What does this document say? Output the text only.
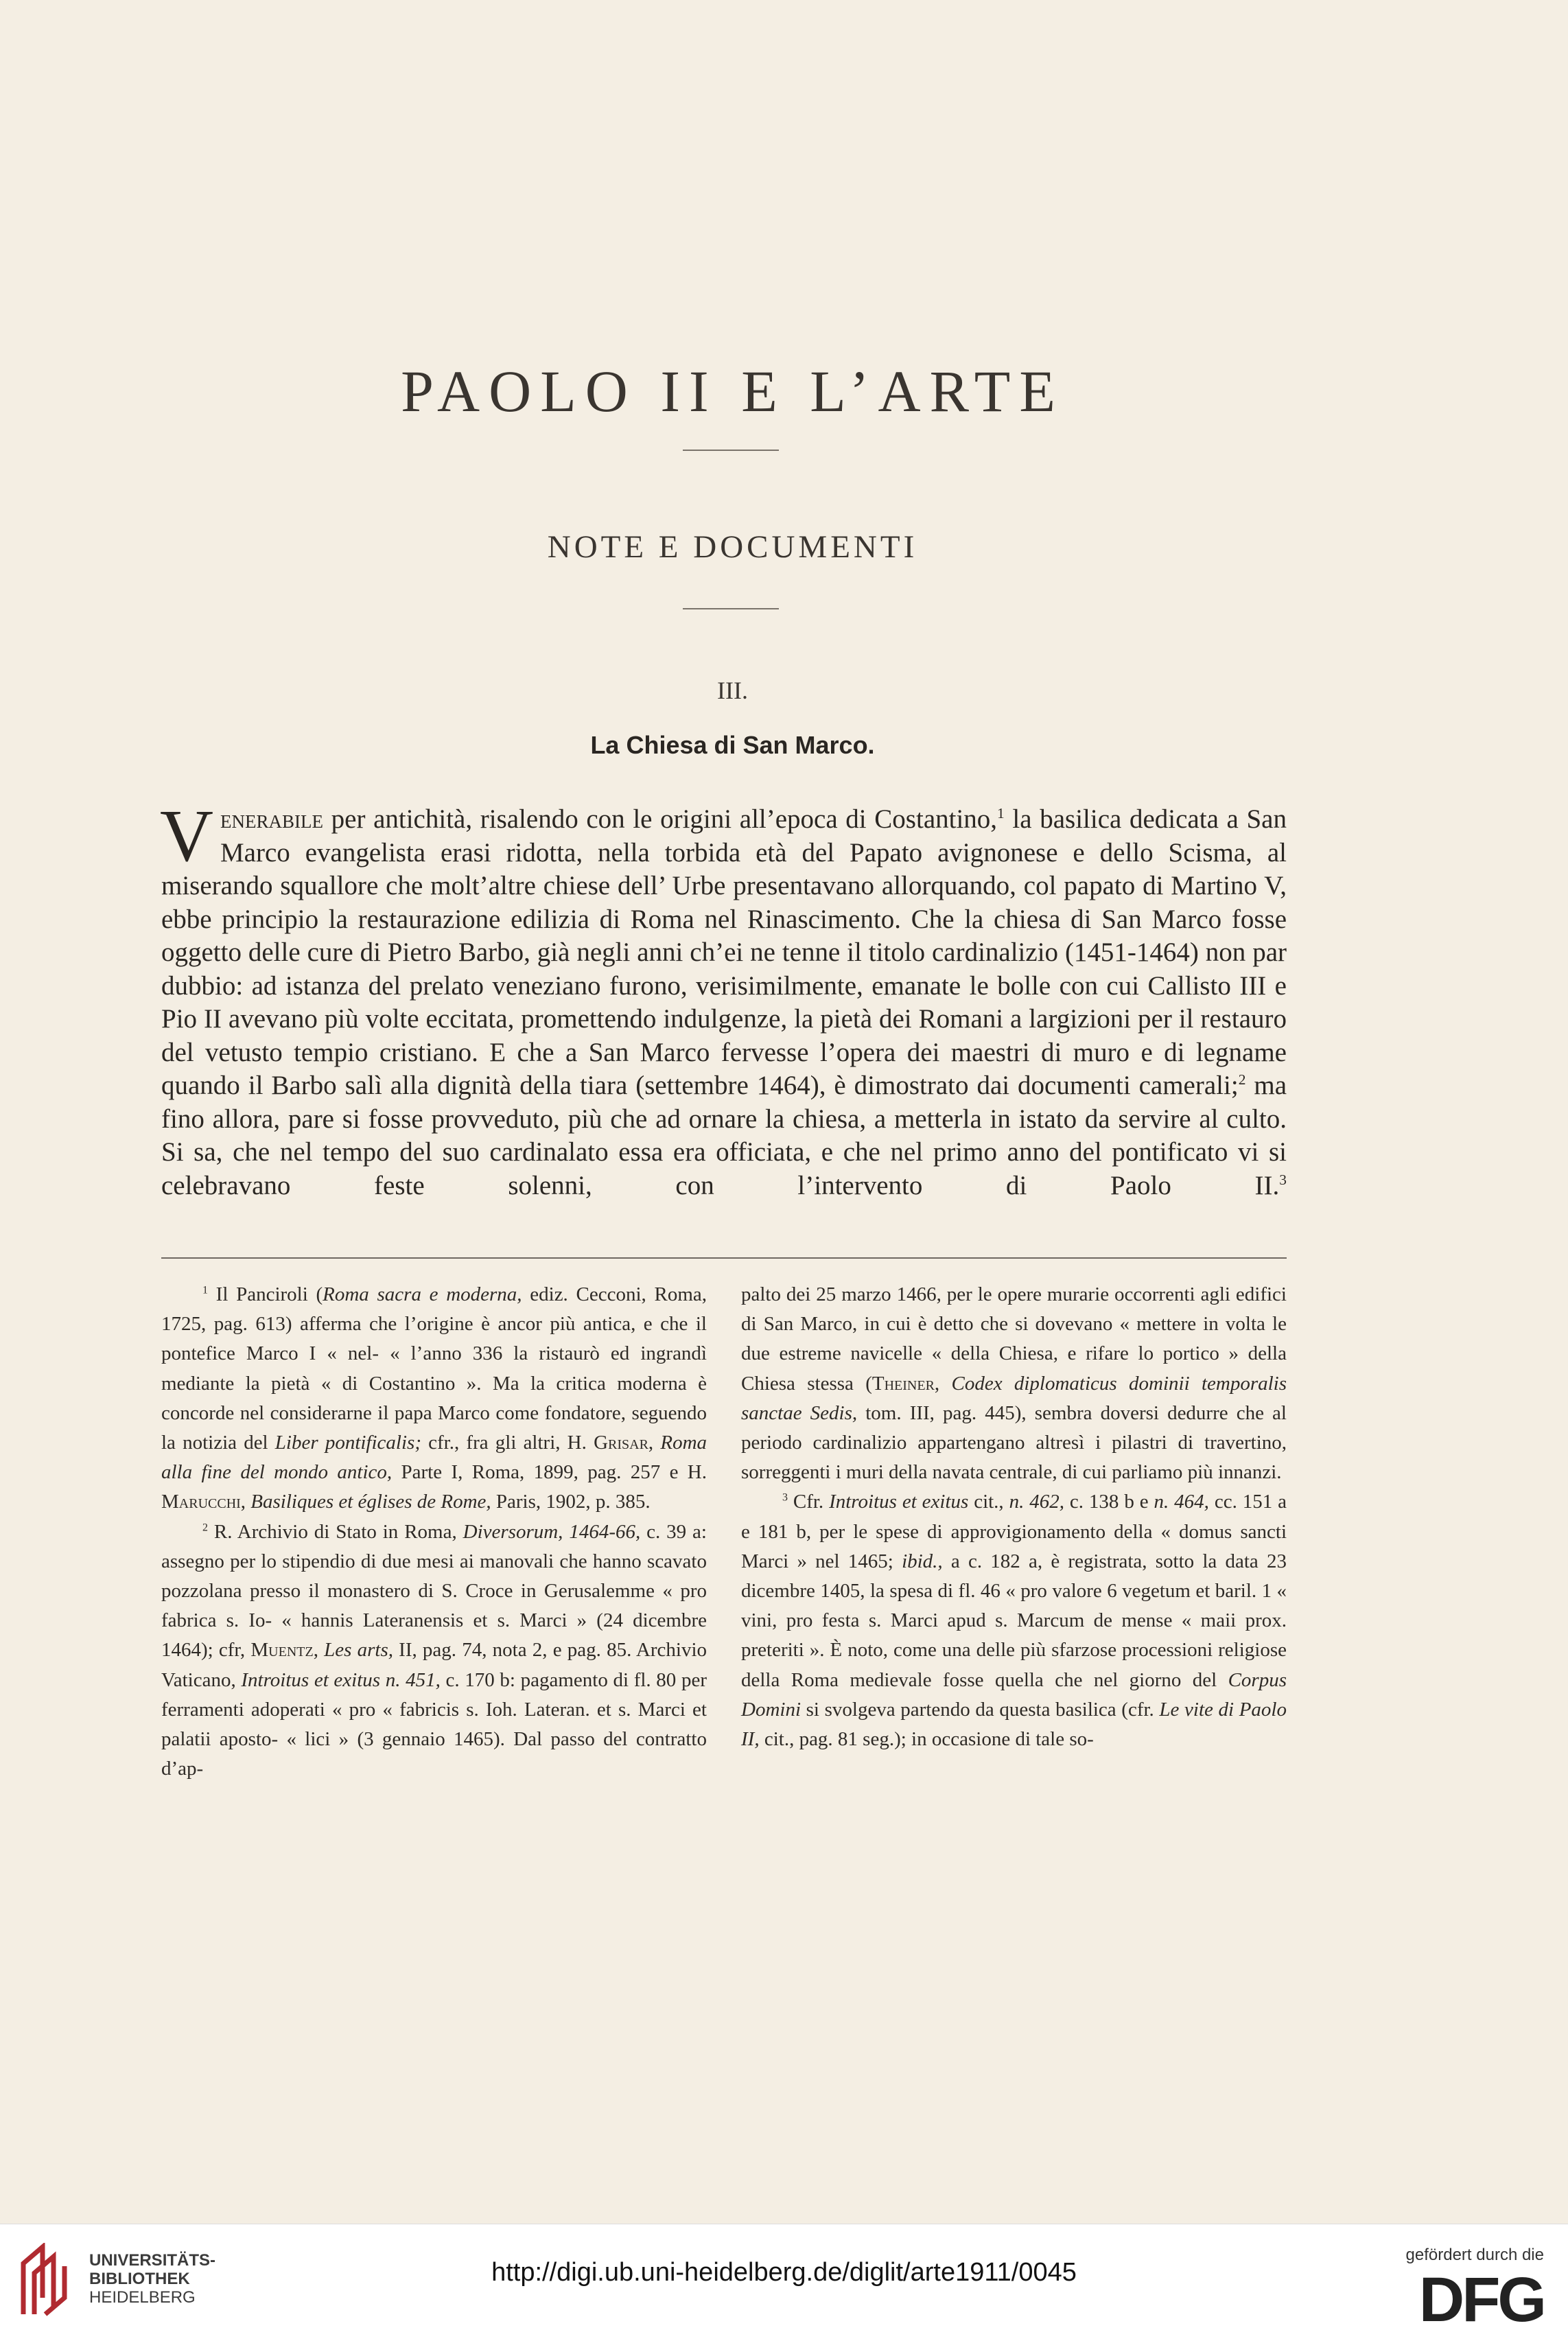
PAOLO II E L’ARTE
NOTE E DOCUMENTI
III.
La Chiesa di San Marco.
Venerabile per antichità, risalendo con le origini all’epoca di Costantino,$^1$ la basilica dedicata a San Marco evangelista erasi ridotta, nella torbida età del Papato avignonese e dello Scisma, al miserando squallore che molt’altre chiese dell’ Urbe presentavano allorquando, col papato di Martino V, ebbe principio la restaurazione edilizia di Roma nel Rinascimento. Che la chiesa di San Marco fosse oggetto delle cure di Pietro Barbo, già negli anni ch’ei ne tenne il titolo cardinalizio (1451-1464) non par dubbio: ad istanza del prelato veneziano furono, verisimilmente, emanate le bolle con cui Callisto III e Pio II avevano più volte eccitata, promettendo indulgenze, la pietà dei Romani a largizioni per il restauro del vetusto tempio cristiano. E che a San Marco fervesse l’opera dei maestri di muro e di legname quando il Barbo salì alla dignità della tiara (settembre 1464), è dimostrato dai documenti camerali;$^2$ ma fino allora, pare si fosse provveduto, più che ad ornare la chiesa, a metterla in istato da servire al culto. Si sa, che nel tempo del suo cardinalato essa era officiata, e che nel primo anno del pontificato vi si celebravano feste solenni, con l’intervento di Paolo II.$^3$

$^1$ Il Panciroli (Roma sacra e moderna, ediz. Cecconi, Roma, 1725, pag. 613) afferma che l’origine è ancor più antica, e che il pontefice Marco I « nel- « l’anno 336 la ristaurò ed ingrandì mediante la pietà « di Costantino ». Ma la critica moderna è concorde nel considerarne il papa Marco come fondatore, seguendo la notizia del Liber pontificalis; cfr., fra gli altri, H. Grisar, Roma alla fine del mondo antico, Parte I, Roma, 1899, pag. 257 e H. Marucchi, Basiliques et églises de Rome, Paris, 1902, p. 385.

$^2$ R. Archivio di Stato in Roma, Diversorum, 1464-66, c. 39 a: assegno per lo stipendio di due mesi ai manovali che hanno scavato pozzolana presso il monastero di S. Croce in Gerusalemme « pro fabrica s. Io- « hannis Lateranensis et s. Marci » (24 dicembre 1464); cfr, Muentz, Les arts, II, pag. 74, nota 2, e pag. 85. Archivio Vaticano, Introitus et exitus n. 451, c. 170 b: pagamento di fl. 80 per ferramenti adoperati « pro « fabricis s. Ioh. Lateran. et s. Marci et palatii aposto- « lici » (3 gennaio 1465). Dal passo del contratto d’ap-

palto dei 25 marzo 1466, per le opere murarie occorrenti agli edifici di San Marco, in cui è detto che si dovevano « mettere in volta le due estreme navicelle « della Chiesa, e rifare lo portico » della Chiesa stessa (Theiner, Codex diplomaticus dominii temporalis sanctae Sedis, tom. III, pag. 445), sembra doversi dedurre che al periodo cardinalizio appartengano altresì i pilastri di travertino, sorreggenti i muri della navata centrale, di cui parliamo più innanzi.

$^3$ Cfr. Introitus et exitus cit., n. 462, c. 138 b e n. 464, cc. 151 a e 181 b, per le spese di approvigionamento della « domus sancti Marci » nel 1465; ibid., a c. 182 a, è registrata, sotto la data 23 dicembre 1405, la spesa di fl. 46 « pro valore 6 vegetum et baril. 1 « vini, pro festa s. Marci apud s. Marcum de mense « maii prox. preteriti ». È noto, come una delle più sfarzose processioni religiose della Roma medievale fosse quella che nel giorno del Corpus Domini si svolgeva partendo da questa basilica (cfr. Le vite di Paolo II, cit., pag. 81 seg.); in occasione di tale so-

UNIVERSITÄTS-
BIBLIOTHEK
HEIDELBERG
http://digi.ub.uni-heidelberg.de/diglit/arte1911/0045
gefördert durch die
DFG
